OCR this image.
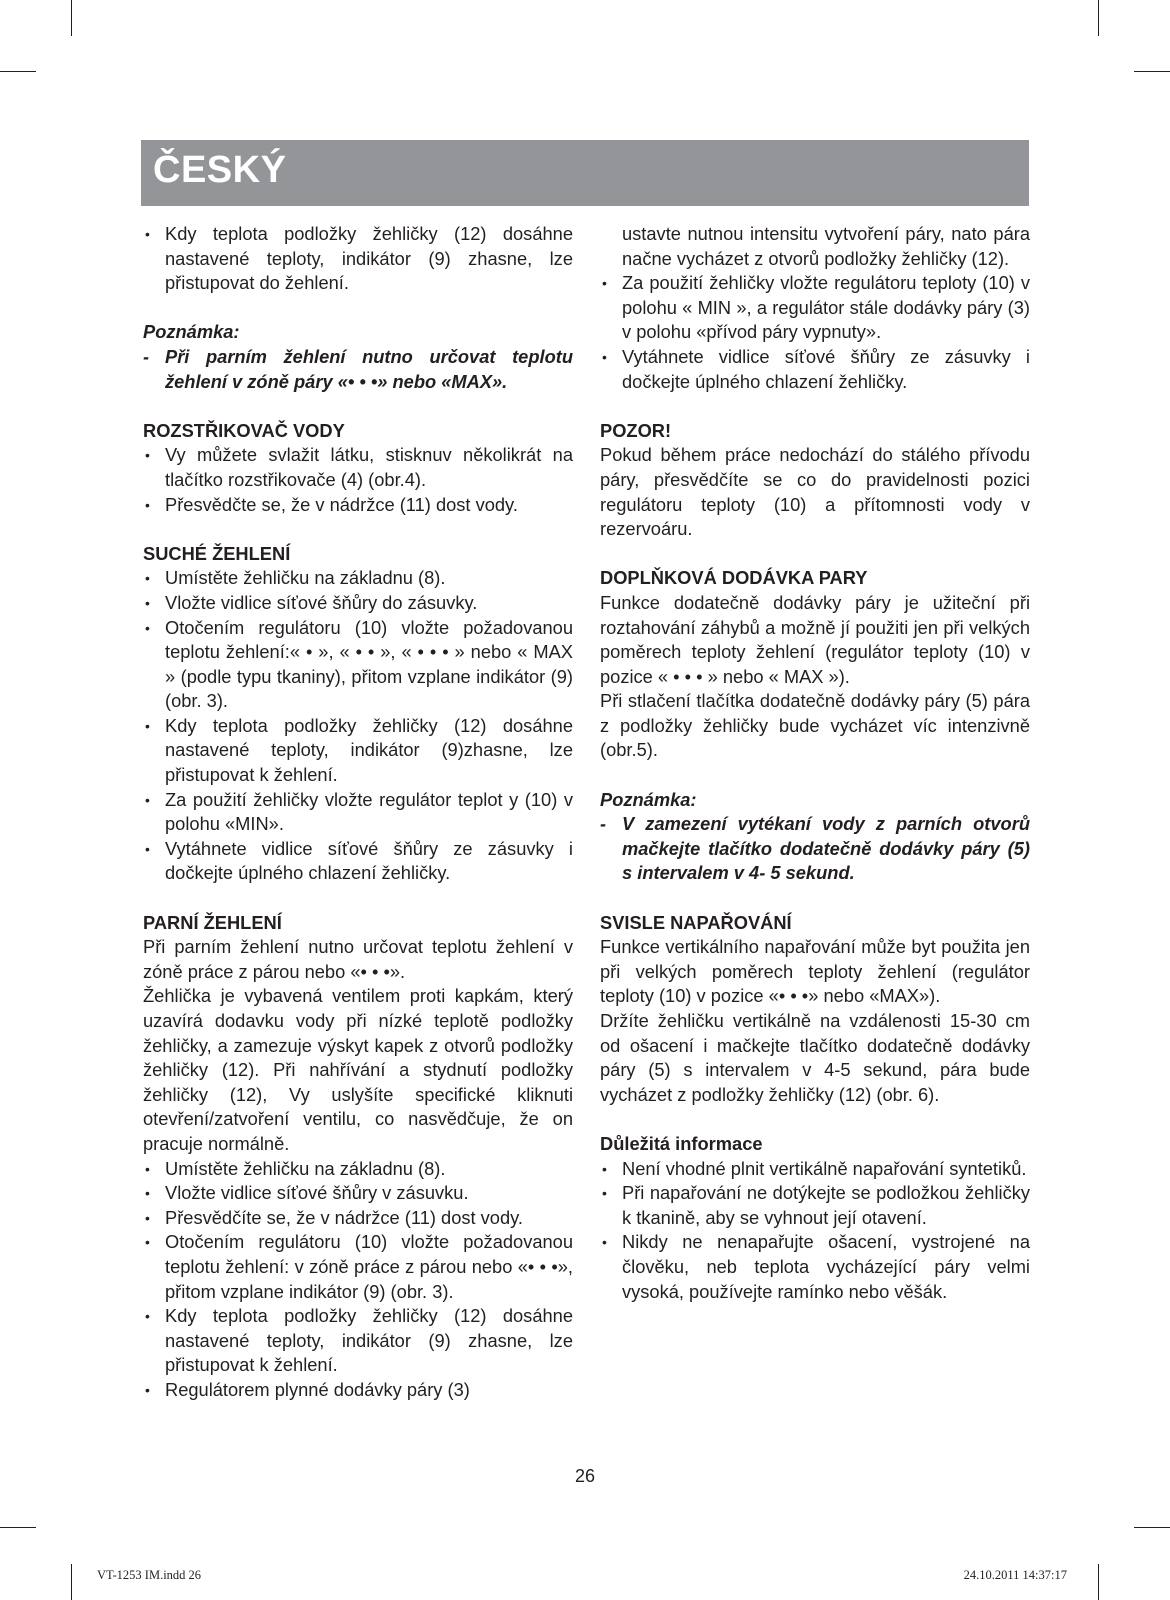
ČESKÝ
• Kdy teplota podložky žehličky (12) dosáhne nastavené teploty, indikátor (9) zhasne, lze přistupovat do žehlení.
Poznámka:
- Při parním žehlení nutno určovat teplotu žehlení v zóně páry «• • •» nebo «MAX».
ROZSTŘIKOVAČ VODY
• Vy můžete svlažit látku, stisknuv několikrát na tlačítko rozstřikovače (4) (obr.4).
• Přesvědčte se, že v nádržce (11) dost vody.
SUCHÉ ŽEHLENÍ
• Umístěte žehličku na základnu (8).
• Vložte vidlice síťové šňůry do zásuvky.
• Otočením regulátoru (10) vložte požadovanou teplotu žehlení:« • », « • • », « • • • » nebo « MAX » (podle typu tkaniny), přitom vzplane indikátor (9) (obr. 3).
• Kdy teplota podložky žehličky (12) dosáhne nastavené teploty, indikátor (9)zhasne, lze přistupovat k žehlení.
• Za použití žehličky vložte regulátor teplot y (10) v polohu «MIN».
• Vytáhnete vidlice síťové šňůry ze zásuvky i dočkejte úplného chlazení žehličky.
PARNÍ ŽEHLENÍ

Při parním žehlení nutno určovat teplotu žehlení v zóně práce z párou nebo «• • •».

Žehlička je vybavená ventilem proti kapkám, který uzavírá dodavku vody při nízké teplotě podložky žehličky, a zamezuje výskyt kapek z otvorů podložky žehličky (12). Při nahřívání a stydnutí podložky žehličky (12), Vy uslyšíte specifické kliknuti otevření/zatvoření ventilu, co nasvědčuje, že on pracuje normálně.

• Umístěte žehličku na základnu (8).
• Vložte vidlice síťové šňůry v zásuvku.
• Přesvědčíte se, že v nádržce (11) dost vody.
• Otočením regulátoru (10) vložte požadovanou teplotu žehlení: v zóně práce z párou nebo «• • •», přitom vzplane indikátor (9) (obr. 3).
• Kdy teplota podložky žehličky (12) dosáhne nastavené teploty, indikátor (9) zhasne, lze přistupovat k žehlení.
• Regulátorem plynné dodávky páry (3)

ustavte nutnou intensitu vytvoření páry, nato pára načne vycházet z otvorů podložky žehličky (12).

• Za použití žehličky vložte regulátoru teploty (10) v polohu « MIN », a regulátor stále dodávky páry (3) v polohu «přívod páry vypnuty».
• Vytáhnete vidlice síťové šňůry ze zásuvky i dočkejte úplného chlazení žehličky.
POZOR!

Pokud během práce nedochází do stálého přívodu páry, přesvědčíte se co do pravidelnosti pozici regulátoru teploty (10) a přítomnosti vody v rezervoáru.

DOPLŇKOVÁ DODÁVKA PARY

Funkce dodatečně dodávky páry je užiteční při roztahování záhybů a možně jí použiti jen při velkých poměrech teploty žehlení (regulátor teploty (10) v pozice « • • • » nebo « MAX »).

Při stlačení tlačítka dodatečně dodávky páry (5) pára z podložky žehličky bude vycházet víc intenzivně (obr.5).

Poznámka:
- V zamezení vytékaní vody z parních otvorů mačkejte tlačítko dodatečně dodávky páry (5) s intervalem v 4- 5 sekund.
SVISLE NAPAŘOVÁNÍ

Funkce vertikálního napařování může byt použita jen při velkých poměrech teploty žehlení (regulátor teploty (10) v pozice «• • •» nebo «MAX»).

Držíte žehličku vertikálně na vzdálenosti 15-30 cm od ošacení i mačkejte tlačítko dodatečně dodávky páry (5) s intervalem v 4-5 sekund, pára bude vycházet z podložky žehličky (12) (obr. 6).

Důležitá informace
• Není vhodné plnit vertikálně napařování syntetiků.
• Při napařování ne dotýkejte se podložkou žehličky k tkanině, aby se vyhnout její otavení.
• Nikdy ne nenapařujte ošacení, vystrojené na člověku, neb teplota vycházející páry velmi vysoká, používejte ramínko nebo věšák.
26
VT-1253 IM.indd 26	24.10.2011 14:37:17
